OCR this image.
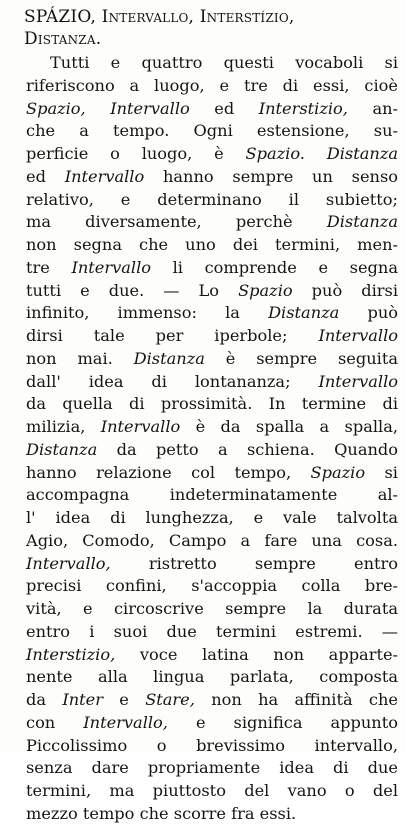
SPÁZIO, Intervallo, Interstízio,
Distanza.
Tutti e quattro questi vocaboli si
riferiscono a luogo, e tre di essi, cioè
Spazio, Intervallo ed Interstizio, an-
che a tempo. Ogni estensione, su-
perficie o luogo, è Spazio. Distanza
ed Intervallo hanno sempre un senso
relativo, e determinano il subietto;
ma diversamente, perchè Distanza
non segna che uno dei termini, men-
tre Intervallo li comprende e segna
tutti e due. — Lo Spazio può dirsi
infinito, immenso: la Distanza può
dirsi tale per iperbole; Intervallo
non mai. Distanza è sempre seguita
dall' idea di lontananza; Intervallo
da quella di prossimità. In termine di
milizia, Intervallo è da spalla a spalla,
Distanza da petto a schiena. Quando
hanno relazione col tempo, Spazio si
accompagna indeterminatamente al-
l' idea di lunghezza, e vale talvolta
Agio, Comodo, Campo a fare una cosa.
Intervallo, ristretto sempre entro
precisi confini, s'accoppia colla bre-
vità, e circoscrive sempre la durata
entro i suoi due termini estremi. —
Interstizio, voce latina non apparte-
nente alla lingua parlata, composta
da Inter e Stare, non ha affinità che
con Intervallo, e significa appunto
Piccolissimo o brevissimo intervallo,
senza dare propriamente idea di due
termini, ma piuttosto del vano o del
mezzo tempo che scorre fra essi.
